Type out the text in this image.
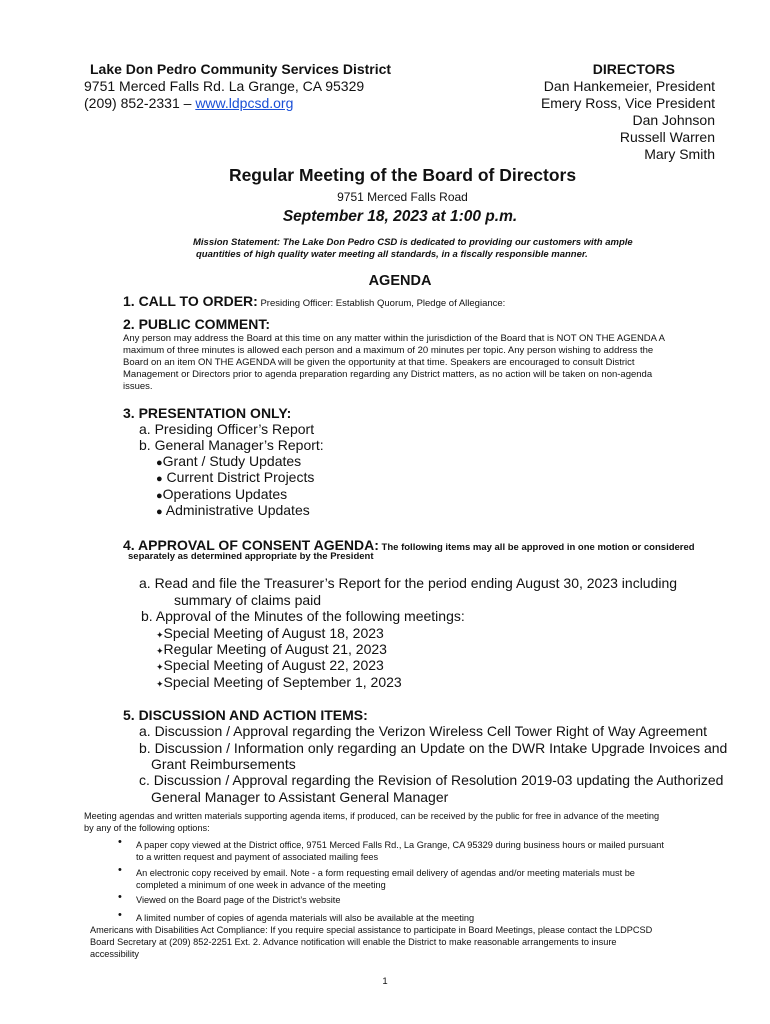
Lake Don Pedro Community Services District
9751 Merced Falls Rd. La Grange, CA 95329
(209) 852-2331 – www.ldpcsd.org
DIRECTORS
Dan Hankemeier, President
Emery Ross, Vice President
Dan Johnson
Russell Warren
Mary Smith
Regular Meeting of the Board of Directors
9751 Merced Falls Road
September 18, 2023 at 1:00 p.m.
Mission Statement: The Lake Don Pedro CSD is dedicated to providing our customers with ample
quantities of high quality water meeting all standards, in a fiscally responsible manner.
AGENDA
1. CALL TO ORDER: Presiding Officer: Establish Quorum, Pledge of Allegiance:
2. PUBLIC COMMENT:
Any person may address the Board at this time on any matter within the jurisdiction of the Board that is NOT ON THE AGENDA A
maximum of three minutes is allowed each person and a maximum of 20 minutes per topic. Any person wishing to address the
Board on an item ON THE AGENDA will be given the opportunity at that time. Speakers are encouraged to consult District
Management or Directors prior to agenda preparation regarding any District matters, as no action will be taken on non-agenda
issues.
3. PRESENTATION ONLY:
a. Presiding Officer’s Report
b. General Manager’s Report:
●Grant / Study Updates
● Current District Projects
●Operations Updates
● Administrative Updates
4. APPROVAL OF CONSENT AGENDA: The following items may all be approved in one motion or considered
separately as determined appropriate by the President
a. Read and file the Treasurer’s Report for the period ending August 30, 2023 including
summary of claims paid
b. Approval of the Minutes of the following meetings:
✦Special Meeting of August 18, 2023
✦Regular Meeting of August 21, 2023
✦Special Meeting of August 22, 2023
✦Special Meeting of September 1, 2023
5. DISCUSSION AND ACTION ITEMS:
a. Discussion / Approval regarding the Verizon Wireless Cell Tower Right of Way Agreement
b. Discussion / Information only regarding an Update on the DWR Intake Upgrade Invoices and
Grant Reimbursements
c. Discussion / Approval regarding the Revision of Resolution 2019-03 updating the Authorized
General Manager to Assistant General Manager
Meeting agendas and written materials supporting agenda items, if produced, can be received by the public for free in advance of the meeting
by any of the following options:
• A paper copy viewed at the District office, 9751 Merced Falls Rd., La Grange, CA 95329 during business hours or mailed pursuant
to a written request and payment of associated mailing fees
• An electronic copy received by email. Note - a form requesting email delivery of agendas and/or meeting materials must be
completed a minimum of one week in advance of the meeting
• Viewed on the Board page of the District’s website
• A limited number of copies of agenda materials will also be available at the meeting
Americans with Disabilities Act Compliance: If you require special assistance to participate in Board Meetings, please contact the LDPCSD
Board Secretary at (209) 852-2251 Ext. 2. Advance notification will enable the District to make reasonable arrangements to insure
accessibility
1
